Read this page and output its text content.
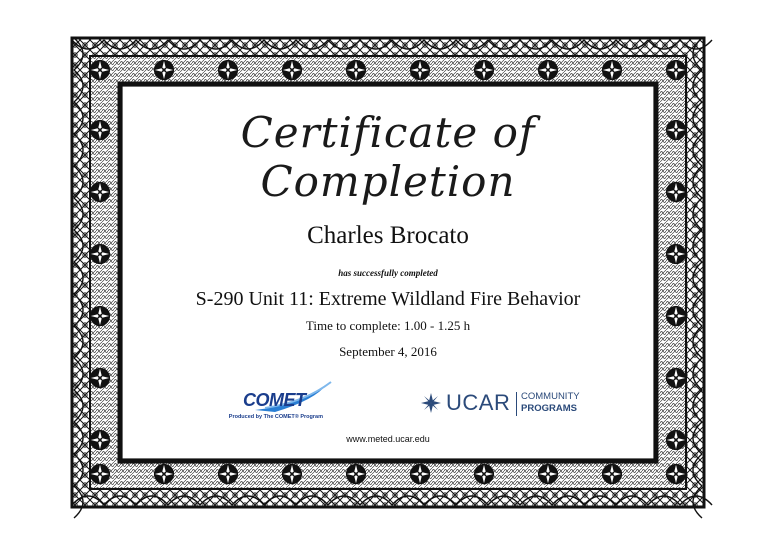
Certificate of Completion
Charles Brocato
has successfully completed
S-290 Unit 11: Extreme Wildland Fire Behavior
Time to complete: 1.00 - 1.25 h
September 4, 2016
COMET
Produced by The COMET® Program
UCAR COMMUNITY
PROGRAMS
www.meted.ucar.edu
